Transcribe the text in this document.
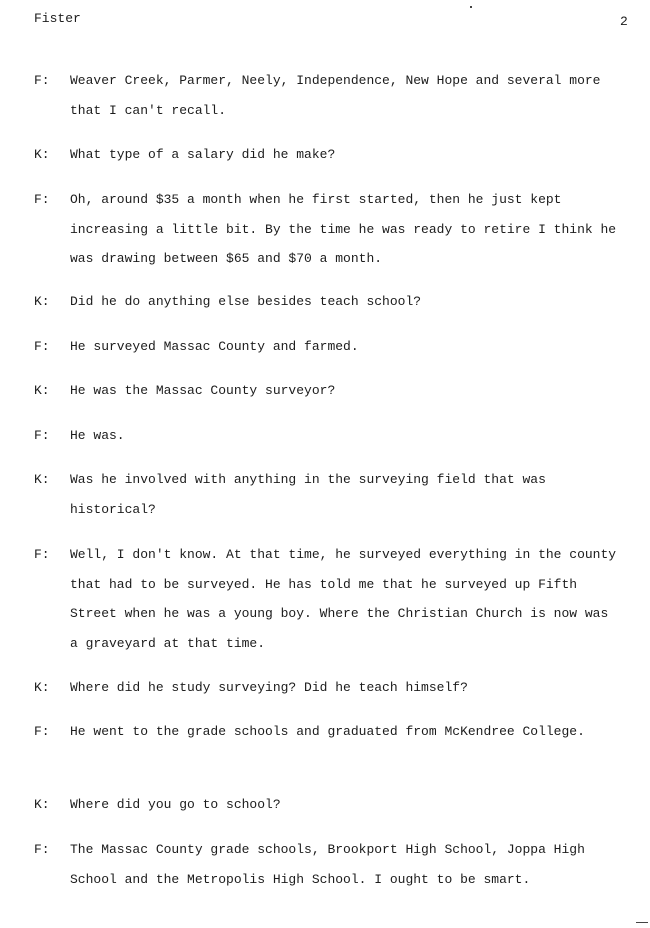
Fister	2
F:	Weaver Creek, Parmer, Neely, Independence, New Hope and several more that I can't recall.
K:	What type of a salary did he make?
F:	Oh, around $35 a month when he first started, then he just kept increasing a little bit. By the time he was ready to retire I think he was drawing between $65 and $70 a month.
K:	Did he do anything else besides teach school?
F:	He surveyed Massac County and farmed.
K:	He was the Massac County surveyor?
F:	He was.
K:	Was he involved with anything in the surveying field that was historical?
F:	Well, I don't know. At that time, he surveyed everything in the county that had to be surveyed. He has told me that he surveyed up Fifth Street when he was a young boy. Where the Christian Church is now was a graveyard at that time.
K:	Where did he study surveying? Did he teach himself?
F:	He went to the grade schools and graduated from McKendree College.
K:	Where did you go to school?
F:	The Massac County grade schools, Brookport High School, Joppa High School and the Metropolis High School. I ought to be smart.
